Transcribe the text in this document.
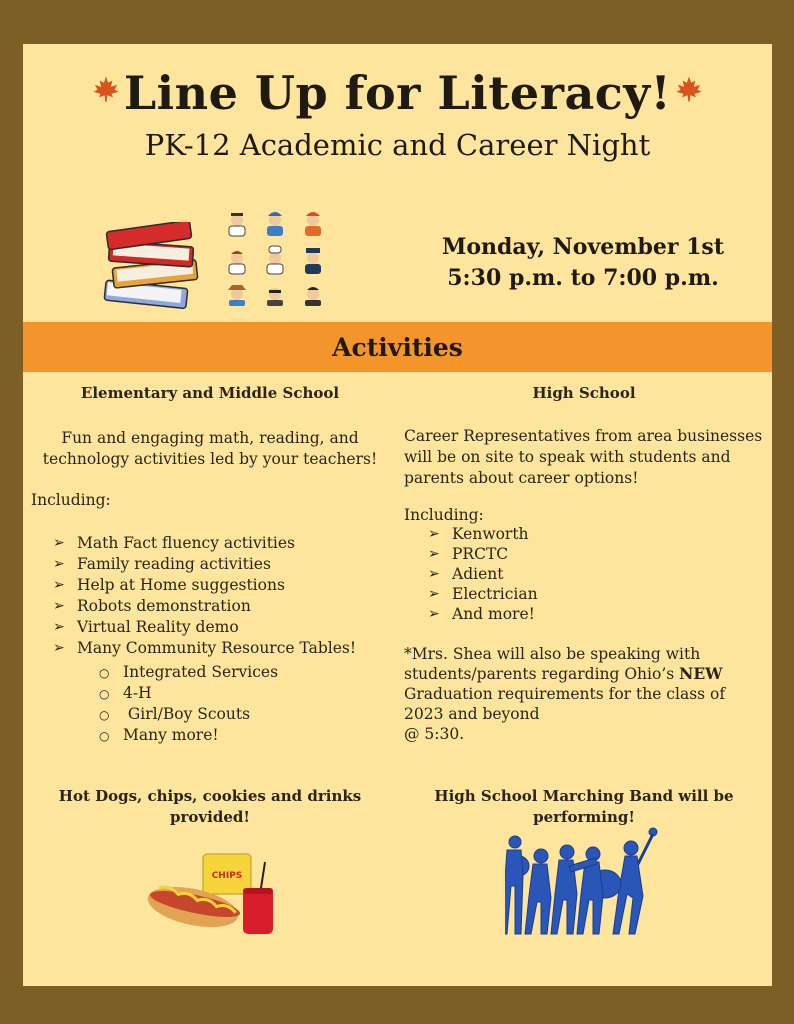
Line Up for Literacy!
PK-12 Academic and Career Night
Monday, November 1st
5:30 p.m. to 7:00 p.m.
Activities
Elementary and Middle School
Fun and engaging math, reading, and technology activities led by your teachers!
Including:
➢ Math Fact fluency activities
➢ Family reading activities
➢ Help at Home suggestions
➢ Robots demonstration
➢ Virtual Reality demo
➢ Many Community Resource Tables!
○ Integrated Services
○ 4-H
○  Girl/Boy Scouts
○ Many more!
High School
Career Representatives from area businesses will be on site to speak with students and parents about career options!
Including:
➢ Kenworth
➢ PRCTC
➢ Adient
➢ Electrician
➢ And more!
*Mrs. Shea will also be speaking with students/parents regarding Ohio’s NEW Graduation requirements for the class of 2023 and beyond
@ 5:30.
Hot Dogs, chips, cookies and drinks provided!
High School Marching Band will be performing!
CHIPS
